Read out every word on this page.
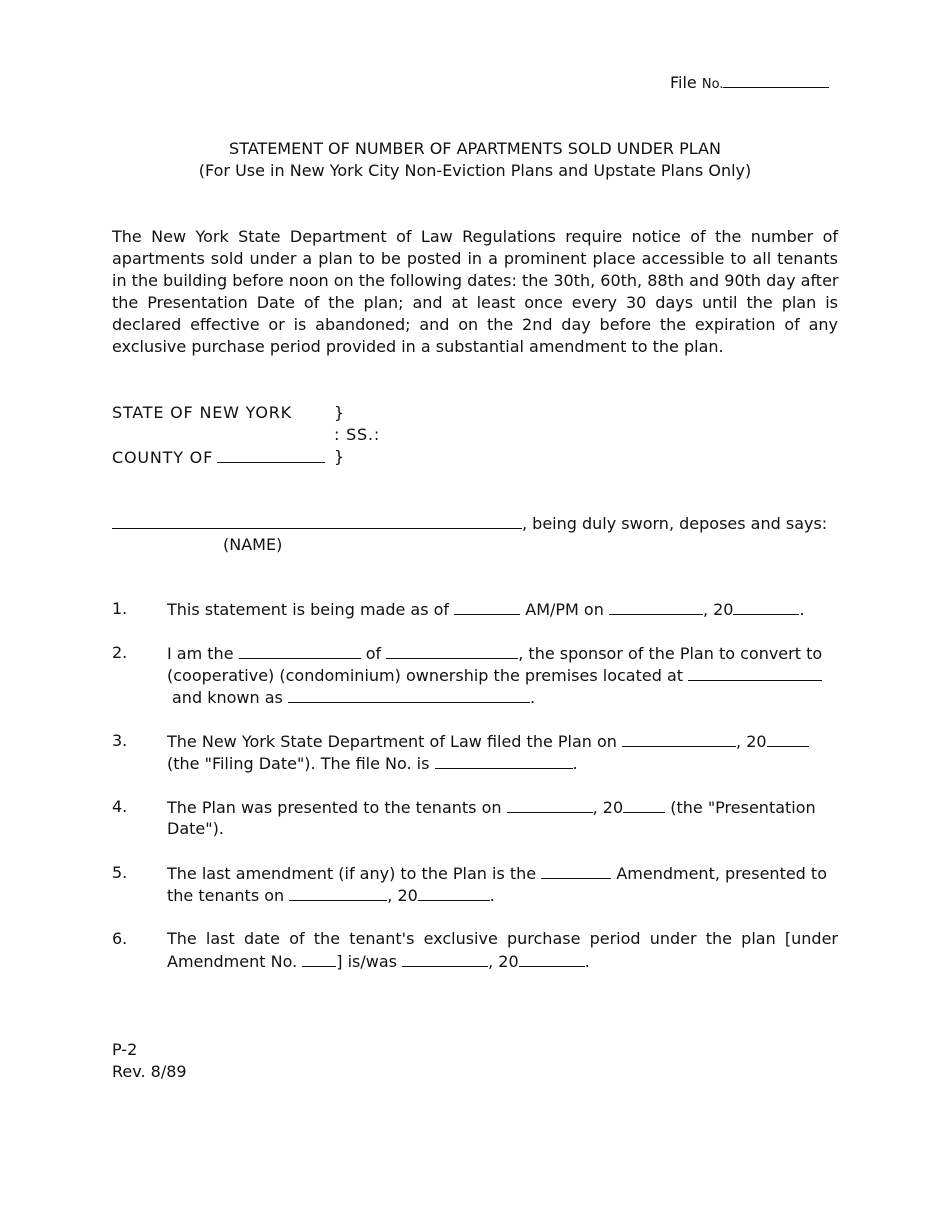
File No.
STATEMENT OF NUMBER OF APARTMENTS SOLD UNDER PLAN
(For Use in New York City Non-Eviction Plans and Upstate Plans Only)
The New York State Department of Law Regulations require notice of the number of
apartments sold under a plan to be posted in a prominent place accessible to all tenants
in the building before noon on the following dates: the 30th, 60th, 88th and 90th day after
the Presentation Date of the plan; and at least once every 30 days until the plan is
declared effective or is abandoned; and on the 2nd day before the expiration of any
exclusive purchase period provided in a substantial amendment to the plan.
STATE OF NEW YORK	}
: SS.:
COUNTY OF	}
, being duly sworn, deposes and says:
(NAME)
1. This statement is being made as of	AM/PM on	, 20	.
2. I am the	of	, the sponsor of the Plan to convert to
(cooperative) (condominium) ownership the premises located at
and known as	.
3. The New York State Department of Law filed the Plan on	, 20
(the "Filing Date"). The file No. is	.
4. The Plan was presented to the tenants on	, 20	(the "Presentation
Date").
5. The last amendment (if any) to the Plan is the	Amendment, presented to
the tenants on	, 20	.
6. The last date of the tenant's exclusive purchase period under the plan [under
Amendment No. ] is/was	, 20	.
P-2
Rev. 8/89
